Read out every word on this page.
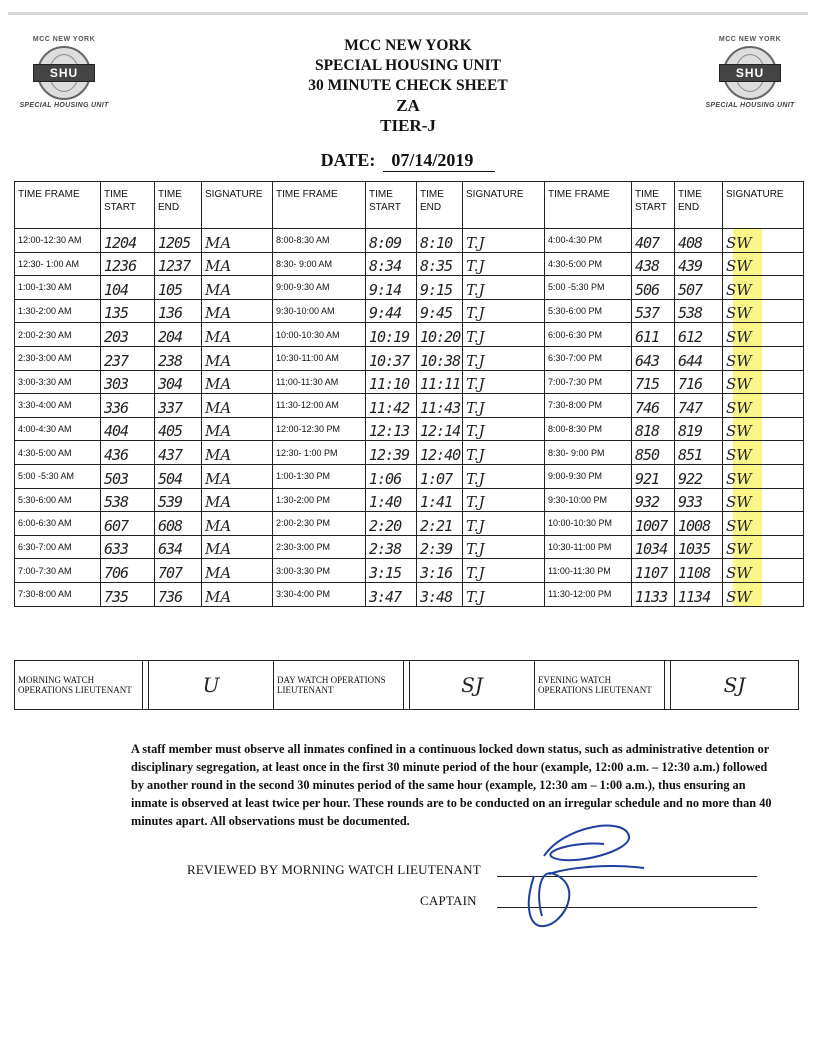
MCC NEW YORK
SHU
SPECIAL HOUSING UNIT
MCC NEW YORK
SHU
SPECIAL HOUSING UNIT
MCC NEW YORK
SPECIAL HOUSING UNIT
30 MINUTE CHECK SHEET
ZA
TIER-J
DATE: 07/14/2019
TIME FRAME	TIME START	TIME END	SIGNATURE	TIME FRAME	TIME START	TIME END	SIGNATURE	TIME FRAME	TIME START	TIME END	SIGNATURE
12:00-12:30 AM	1204	1205	MA	8:00-8:30 AM	8:09	8:10	T.J	4:00-4:30 PM	407	408	SW
12:30- 1:00 AM	1236	1237	MA	8:30- 9:00 AM	8:34	8:35	T.J	4:30-5:00 PM	438	439	SW
1:00-1:30 AM	104	105	MA	9:00-9:30 AM	9:14	9:15	T.J	5:00 -5:30 PM	506	507	SW
1:30-2:00 AM	135	136	MA	9:30-10:00 AM	9:44	9:45	T.J	5:30-6:00 PM	537	538	SW
2:00-2:30 AM	203	204	MA	10:00-10:30 AM	10:19	10:20	T.J	6:00-6:30 PM	611	612	SW
2:30-3:00 AM	237	238	MA	10:30-11:00 AM	10:37	10:38	T.J	6:30-7:00 PM	643	644	SW
3:00-3:30 AM	303	304	MA	11:00-11:30 AM	11:10	11:11	T.J	7:00-7:30 PM	715	716	SW
3:30-4:00 AM	336	337	MA	11:30-12:00 AM	11:42	11:43	T.J	7:30-8:00 PM	746	747	SW
4:00-4:30 AM	404	405	MA	12:00-12:30 PM	12:13	12:14	T.J	8:00-8:30 PM	818	819	SW
4:30-5:00 AM	436	437	MA	12:30- 1:00 PM	12:39	12:40	T.J	8:30- 9:00 PM	850	851	SW
5:00 -5:30 AM	503	504	MA	1:00-1:30 PM	1:06	1:07	T.J	9:00-9:30 PM	921	922	SW
5:30-6:00 AM	538	539	MA	1:30-2:00 PM	1:40	1:41	T.J	9:30-10:00 PM	932	933	SW
6:00-6:30 AM	607	608	MA	2:00-2:30 PM	2:20	2:21	T.J	10:00-10:30 PM	1007	1008	SW
6:30-7:00 AM	633	634	MA	2:30-3:00 PM	2:38	2:39	T.J	10:30-11:00 PM	1034	1035	SW
7:00-7:30 AM	706	707	MA	3:00-3:30 PM	3:15	3:16	T.J	11:00-11:30 PM	1107	1108	SW
7:30-8:00 AM	735	736	MA	3:30-4:00 PM	3:47	3:48	T.J	11:30-12:00 PM	1133	1134	SW
MORNING WATCH OPERATIONS LIEUTENANT		U	DAY WATCH OPERATIONS LIEUTENANT		SJ	EVENING WATCH OPERATIONS LIEUTENANT		SJ
A staff member must observe all inmates confined in a continuous locked down status, such as administrative detention or disciplinary segregation, at least once in the first 30 minute period of the hour (example, 12:00 a.m. – 12:30 a.m.) followed by another round in the second 30 minutes period of the same hour (example, 12:30 am – 1:00 a.m.), thus ensuring an inmate is observed at least twice per hour. These rounds are to be conducted on an irregular schedule and no more than 40 minutes apart. All observations must be documented.
REVIEWED BY MORNING WATCH LIEUTENANT
CAPTAIN
